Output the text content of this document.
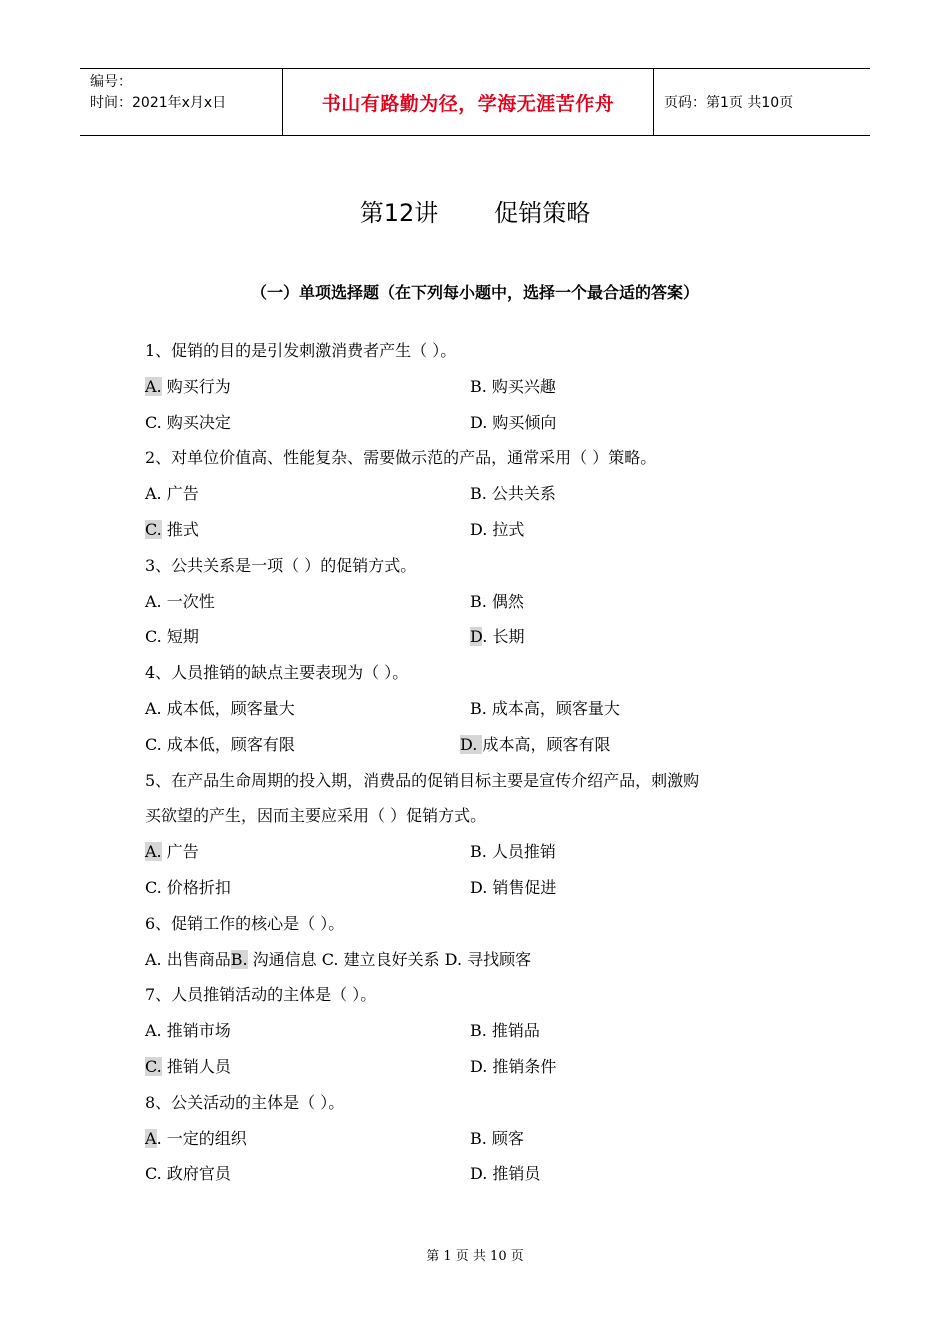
编号：
时间：2021年x月x日	书山有路勤为径，学海无涯苦作舟	页码：第1页 共10页
第12讲 促销策略
（一）单项选择题（在下列每小题中，选择一个最合适的答案）
1、促销的目的是引发刺激消费者产生（ ）。
A. 购买行为	B. 购买兴趣
C. 购买决定	D. 购买倾向
2、对单位价值高、性能复杂、需要做示范的产品，通常采用（ ）策略。
A. 广告	B. 公共关系
C. 推式	D. 拉式
3、公共关系是一项（ ）的促销方式。
A. 一次性	B. 偶然
C. 短期	D. 长期
4、人员推销的缺点主要表现为（ ）。
A. 成本低，顾客量大	B. 成本高，顾客量大
C. 成本低，顾客有限	D. 成本高，顾客有限
5、在产品生命周期的投入期，消费品的促销目标主要是宣传介绍产品，刺激购
买欲望的产生，因而主要应采用（ ）促销方式。
A. 广告	B. 人员推销
C. 价格折扣	D. 销售促进
6、促销工作的核心是（ ）。
A. 出售商品B. 沟通信息 C. 建立良好关系 D. 寻找顾客
7、人员推销活动的主体是（ ）。
A. 推销市场	B. 推销品
C. 推销人员	D. 推销条件
8、公关活动的主体是（ ）。
A. 一定的组织	B. 顾客
C. 政府官员	D. 推销员
第 1 页 共 10 页
